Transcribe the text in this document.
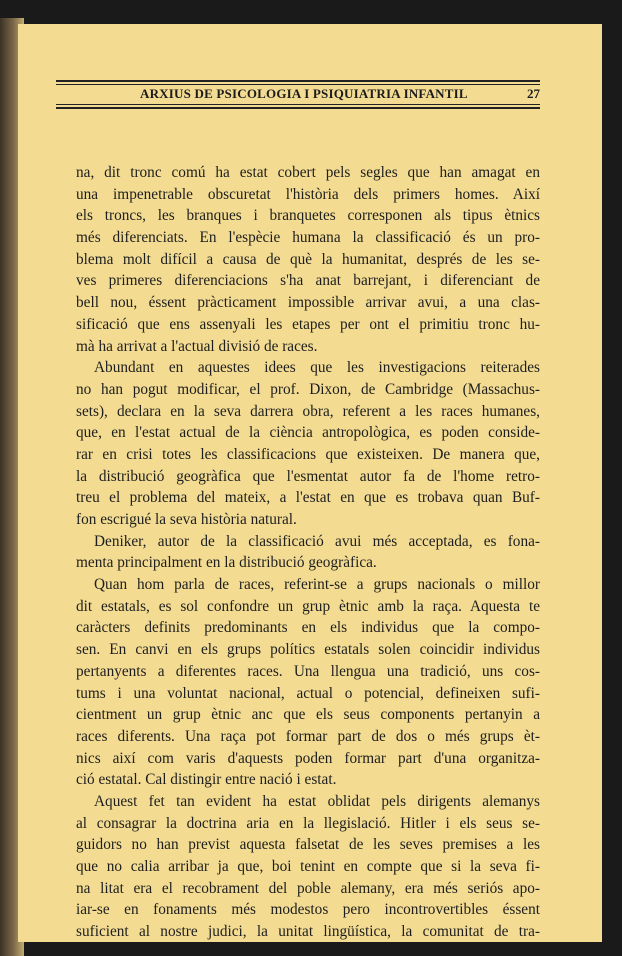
ARXIUS DE PSICOLOGIA I PSIQUIATRIA INFANTIL	27
na, dit tronc comú ha estat cobert pels segles que han amagat en
una impenetrable obscuretat l'història dels primers homes. Així
els troncs, les branques i branquetes corresponen als tipus ètnics
més diferenciats. En l'espècie humana la classificació és un pro-
blema molt difícil a causa de què la humanitat, després de les se-
ves primeres diferenciacions s'ha anat barrejant, i diferenciant de
bell nou, éssent pràcticament impossible arrivar avui, a una clas-
sificació que ens assenyali les etapes per ont el primitiu tronc hu-
mà ha arrivat a l'actual divisió de races.
Abundant en aquestes idees que les investigacions reiterades
no han pogut modificar, el prof. Dixon, de Cambridge (Massachus-
sets), declara en la seva darrera obra, referent a les races humanes,
que, en l'estat actual de la ciència antropològica, es poden conside-
rar en crisi totes les classificacions que existeixen. De manera que,
la distribució geogràfica que l'esmentat autor fa de l'home retro-
treu el problema del mateix, a l'estat en que es trobava quan Buf-
fon escrigué la seva història natural.
Deniker, autor de la classificació avui més acceptada, es fona-
menta principalment en la distribució geogràfica.
Quan hom parla de races, referint-se a grups nacionals o millor
dit estatals, es sol confondre un grup ètnic amb la raça. Aquesta te
caràcters definits predominants en els individus que la compo-
sen. En canvi en els grups polítics estatals solen coincidir individus
pertanyents a diferentes races. Una llengua una tradició, uns cos-
tums i una voluntat nacional, actual o potencial, defineixen sufi-
cientment un grup ètnic anc que els seus components pertanyin a
races diferents. Una raça pot formar part de dos o més grups èt-
nics així com varis d'aquests poden formar part d'una organitza-
ció estatal. Cal distingir entre nació i estat.
Aquest fet tan evident ha estat oblidat pels dirigents alemanys
al consagrar la doctrina aria en la llegislació. Hitler i els seus se-
guidors no han previst aquesta falsetat de les seves premises a les
que no calia arribar ja que, boi tenint en compte que si la seva fi-
na litat era el recobrament del poble alemany, era més seriós apo-
iar-se en fonaments més modestos pero incontrovertibles éssent
suficient al nostre judici, la unitat lingüística, la comunitat de tra-
